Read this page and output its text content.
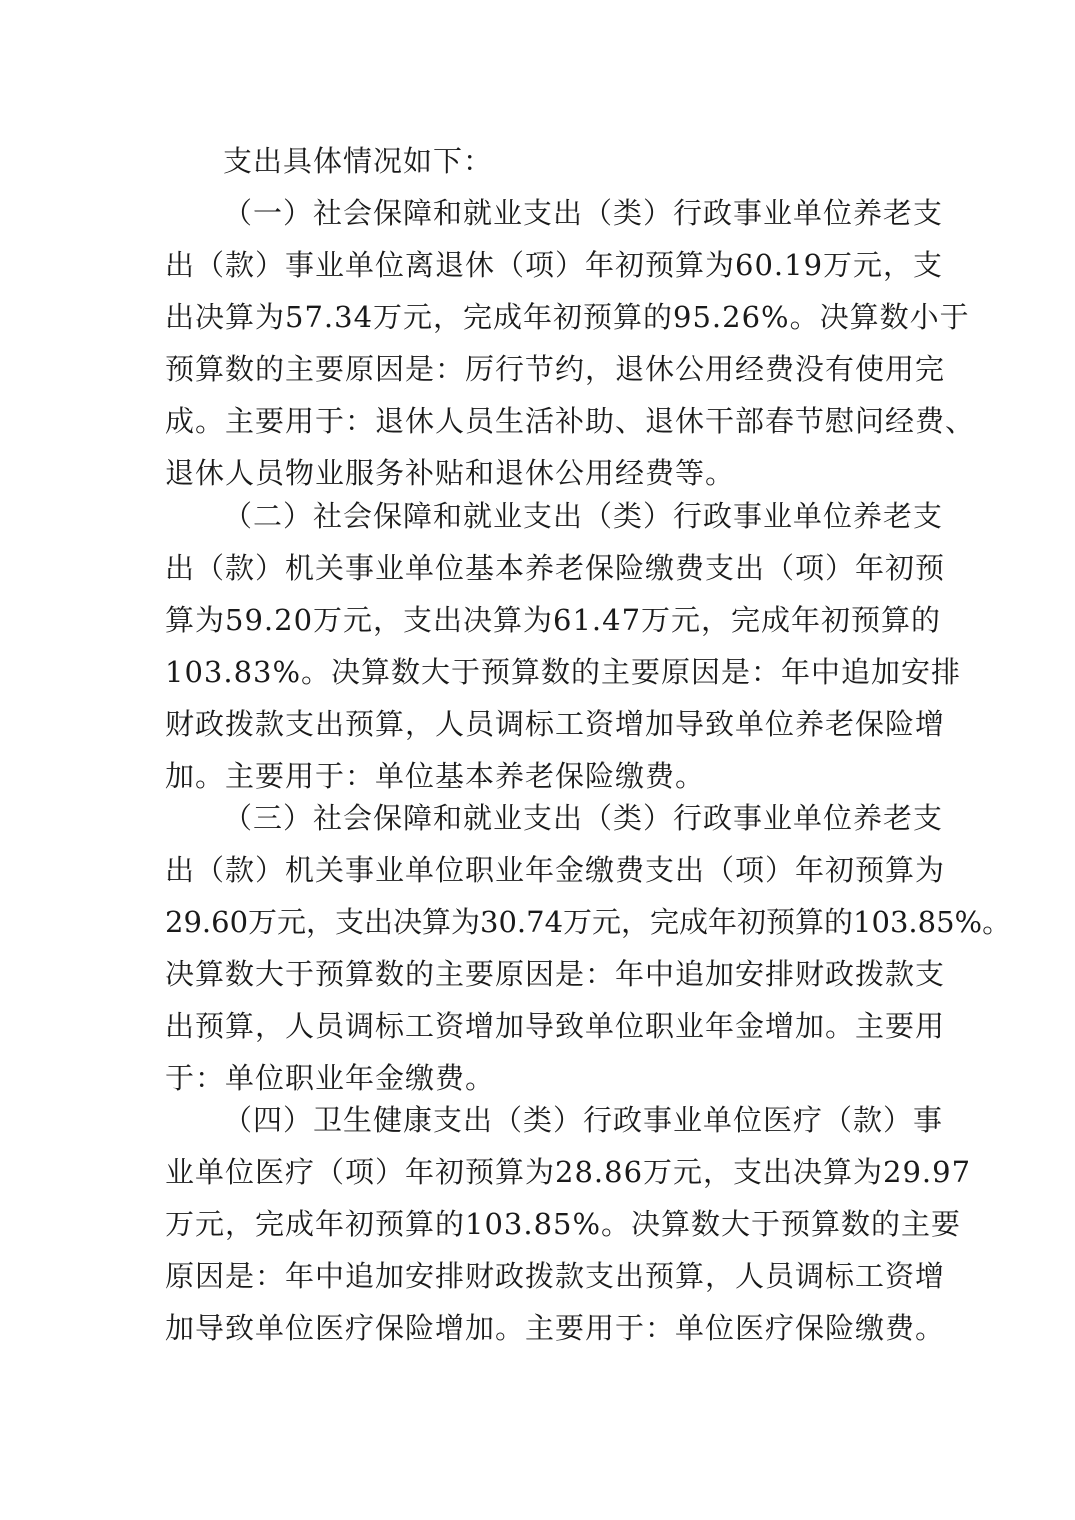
支出具体情况如下：

（一）社会保障和就业支出（类）行政事业单位养老支
出（款）事业单位离退休（项）年初预算为60.19万元，支
出决算为57.34万元，完成年初预算的95.26%。决算数小于
预算数的主要原因是：厉行节约，退休公用经费没有使用完
成。主要用于：退休人员生活补助、退休干部春节慰问经费、
退休人员物业服务补贴和退休公用经费等。

（二）社会保障和就业支出（类）行政事业单位养老支
出（款）机关事业单位基本养老保险缴费支出（项）年初预
算为59.20万元，支出决算为61.47万元，完成年初预算的
103.83%。决算数大于预算数的主要原因是：年中追加安排
财政拨款支出预算，人员调标工资增加导致单位养老保险增
加。主要用于：单位基本养老保险缴费。

（三）社会保障和就业支出（类）行政事业单位养老支
出（款）机关事业单位职业年金缴费支出（项）年初预算为
29.60万元，支出决算为30.74万元，完成年初预算的103.85%。
决算数大于预算数的主要原因是：年中追加安排财政拨款支
出预算，人员调标工资增加导致单位职业年金增加。主要用
于：单位职业年金缴费。

（四）卫生健康支出（类）行政事业单位医疗（款）事
业单位医疗（项）年初预算为28.86万元，支出决算为29.97
万元，完成年初预算的103.85%。决算数大于预算数的主要
原因是：年中追加安排财政拨款支出预算，人员调标工资增
加导致单位医疗保险增加。主要用于：单位医疗保险缴费。
